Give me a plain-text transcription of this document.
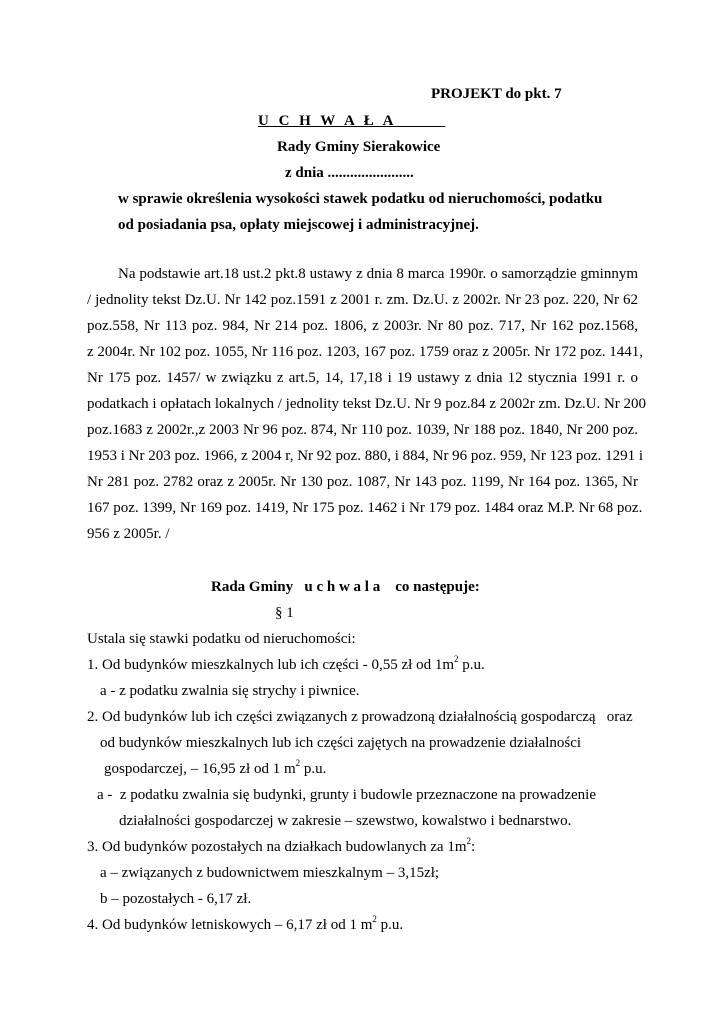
PROJEKT do pkt. 7
U C H W A Ł A
Rady Gminy Sierakowice
z dnia .......................
w sprawie określenia wysokości stawek podatku od nieruchomości, podatku
od posiadania psa, opłaty miejscowej i administracyjnej.
Na podstawie art.18 ust.2 pkt.8 ustawy z dnia 8 marca 1990r. o samorządzie gminnym
/ jednolity tekst Dz.U. Nr 142 poz.1591 z 2001 r. zm. Dz.U. z 2002r. Nr 23 poz. 220, Nr 62
poz.558, Nr 113 poz. 984, Nr 214 poz. 1806, z 2003r. Nr 80 poz. 717, Nr 162 poz.1568,
z 2004r. Nr 102 poz. 1055, Nr 116 poz. 1203, 167 poz. 1759 oraz z 2005r. Nr 172 poz. 1441,
Nr 175 poz. 1457/ w związku z art.5, 14, 17,18 i 19 ustawy z dnia 12 stycznia 1991 r. o
podatkach i opłatach lokalnych / jednolity tekst Dz.U. Nr 9 poz.84 z 2002r zm. Dz.U. Nr 200
poz.1683 z 2002r.,z 2003 Nr 96 poz. 874, Nr 110 poz. 1039, Nr 188 poz. 1840, Nr 200 poz.
1953 i Nr 203 poz. 1966, z 2004 r, Nr 92 poz. 880, i 884, Nr 96 poz. 959, Nr 123 poz. 1291 i
Nr 281 poz. 2782 oraz z 2005r. Nr 130 poz. 1087, Nr 143 poz. 1199, Nr 164 poz. 1365, Nr
167 poz. 1399, Nr 169 poz. 1419, Nr 175 poz. 1462 i Nr 179 poz. 1484 oraz M.P. Nr 68 poz.
956 z 2005r. /
Rada Gminy   u c h w a l a    co następuje:
§ 1
Ustala się stawki podatku od nieruchomości:
1. Od budynków mieszkalnych lub ich części - 0,55 zł od $1m^2$ p.u.
a - z podatku zwalnia się strychy i piwnice.
2. Od budynków lub ich części związanych z prowadzoną działalnością gospodarczą   oraz
od budynków mieszkalnych lub ich części zajętych na prowadzenie działalności
gospodarczej, – 16,95 zł od 1 $m^2$ p.u.
a -  z podatku zwalnia się budynki, grunty i budowle przeznaczone na prowadzenie
działalności gospodarczej w zakresie – szewstwo, kowalstwo i bednarstwo.
3. Od budynków pozostałych na działkach budowlanych za $1m^2$:
a – związanych z budownictwem mieszkalnym – 3,15zł;
b – pozostałych - 6,17 zł.
4. Od budynków letniskowych – 6,17 zł od 1 $m^2$ p.u.
